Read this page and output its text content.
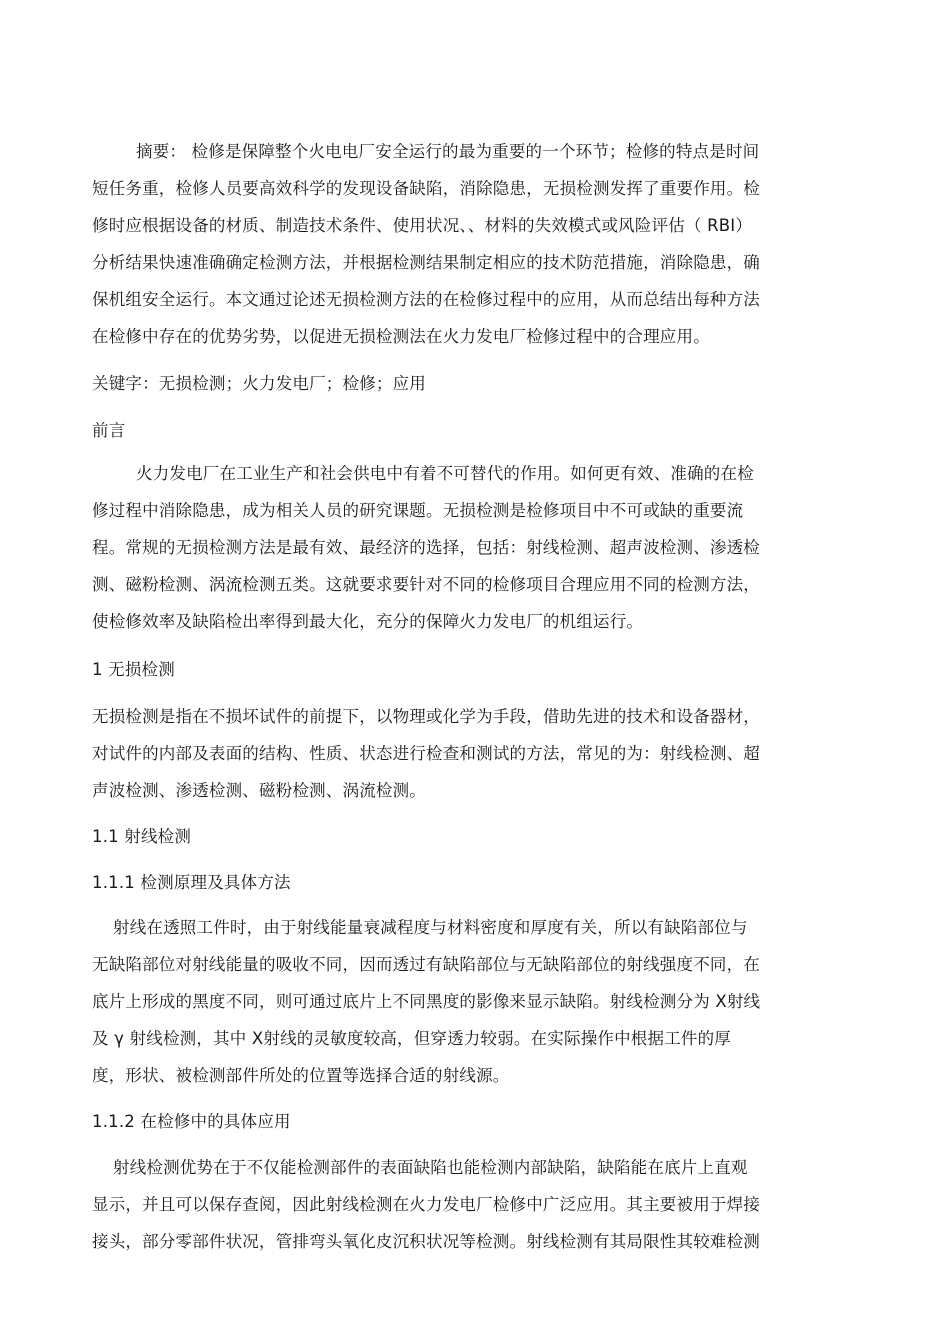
摘要： 检修是保障整个火电电厂安全运行的最为重要的一个环节；检修的特点是时间
短任务重，检修人员要高效科学的发现设备缺陷，消除隐患，无损检测发挥了重要作用。检
修时应根据设备的材质、制造技术条件、使用状况、、材料的失效模式或风险评估（ RBI）
分析结果快速准确确定检测方法，并根据检测结果制定相应的技术防范措施，消除隐患，确
保机组安全运行。本文通过论述无损检测方法的在检修过程中的应用，从而总结出每种方法
在检修中存在的优势劣势，以促进无损检测法在火力发电厂检修过程中的合理应用。
关键字：无损检测；火力发电厂；检修；应用
前言
火力发电厂在工业生产和社会供电中有着不可替代的作用。如何更有效、准确的在检
修过程中消除隐患，成为相关人员的研究课题。无损检测是检修项目中不可或缺的重要流
程。常规的无损检测方法是最有效、最经济的选择，包括：射线检测、超声波检测、渗透检
测、磁粉检测、涡流检测五类。这就要求要针对不同的检修项目合理应用不同的检测方法，
使检修效率及缺陷检出率得到最大化，充分的保障火力发电厂的机组运行。
1 无损检测
无损检测是指在不损坏试件的前提下，以物理或化学为手段，借助先进的技术和设备器材，
对试件的内部及表面的结构、性质、状态进行检查和测试的方法，常见的为：射线检测、超
声波检测、渗透检测、磁粉检测、涡流检测。
1.1 射线检测
1.1.1 检测原理及具体方法
射线在透照工件时，由于射线能量衰减程度与材料密度和厚度有关，所以有缺陷部位与
无缺陷部位对射线能量的吸收不同，因而透过有缺陷部位与无缺陷部位的射线强度不同，在
底片上形成的黑度不同，则可通过底片上不同黑度的影像来显示缺陷。射线检测分为 X射线
及 γ 射线检测，其中 X射线的灵敏度较高，但穿透力较弱。在实际操作中根据工件的厚
度，形状、被检测部件所处的位置等选择合适的射线源。
1.1.2 在检修中的具体应用
射线检测优势在于不仅能检测部件的表面缺陷也能检测内部缺陷，缺陷能在底片上直观
显示，并且可以保存查阅，因此射线检测在火力发电厂检修中广泛应用。其主要被用于焊接
接头，部分零部件状况，管排弯头氧化皮沉积状况等检测。射线检测有其局限性其较难检测
